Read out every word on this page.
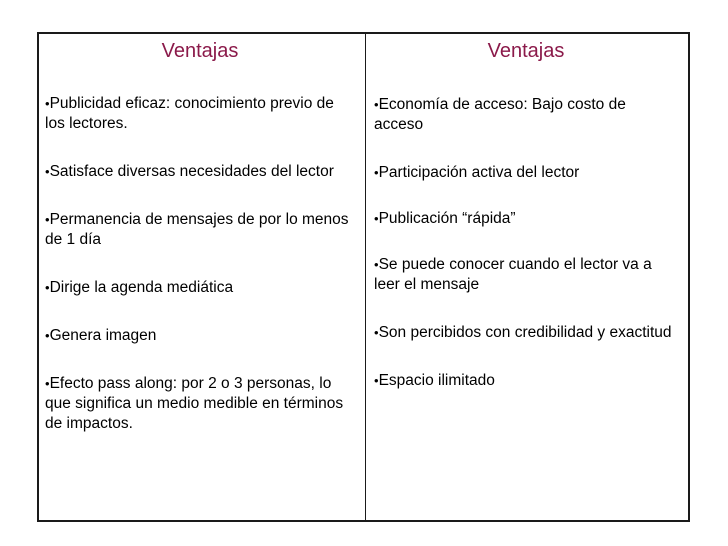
Ventajas
•Publicidad eficaz: conocimiento previo de los lectores.
•Satisface diversas necesidades del lector
•Permanencia de mensajes de por lo menos de 1 día
•Dirige la agenda mediática
•Genera imagen
•Efecto pass along: por 2 o 3 personas, lo que significa un medio medible en términos de impactos.
Ventajas
•Economía de acceso: Bajo costo de acceso
•Participación activa del lector
•Publicación “rápida”
•Se puede conocer cuando el lector va a leer el mensaje
•Son percibidos con credibilidad y exactitud
•Espacio ilimitado
